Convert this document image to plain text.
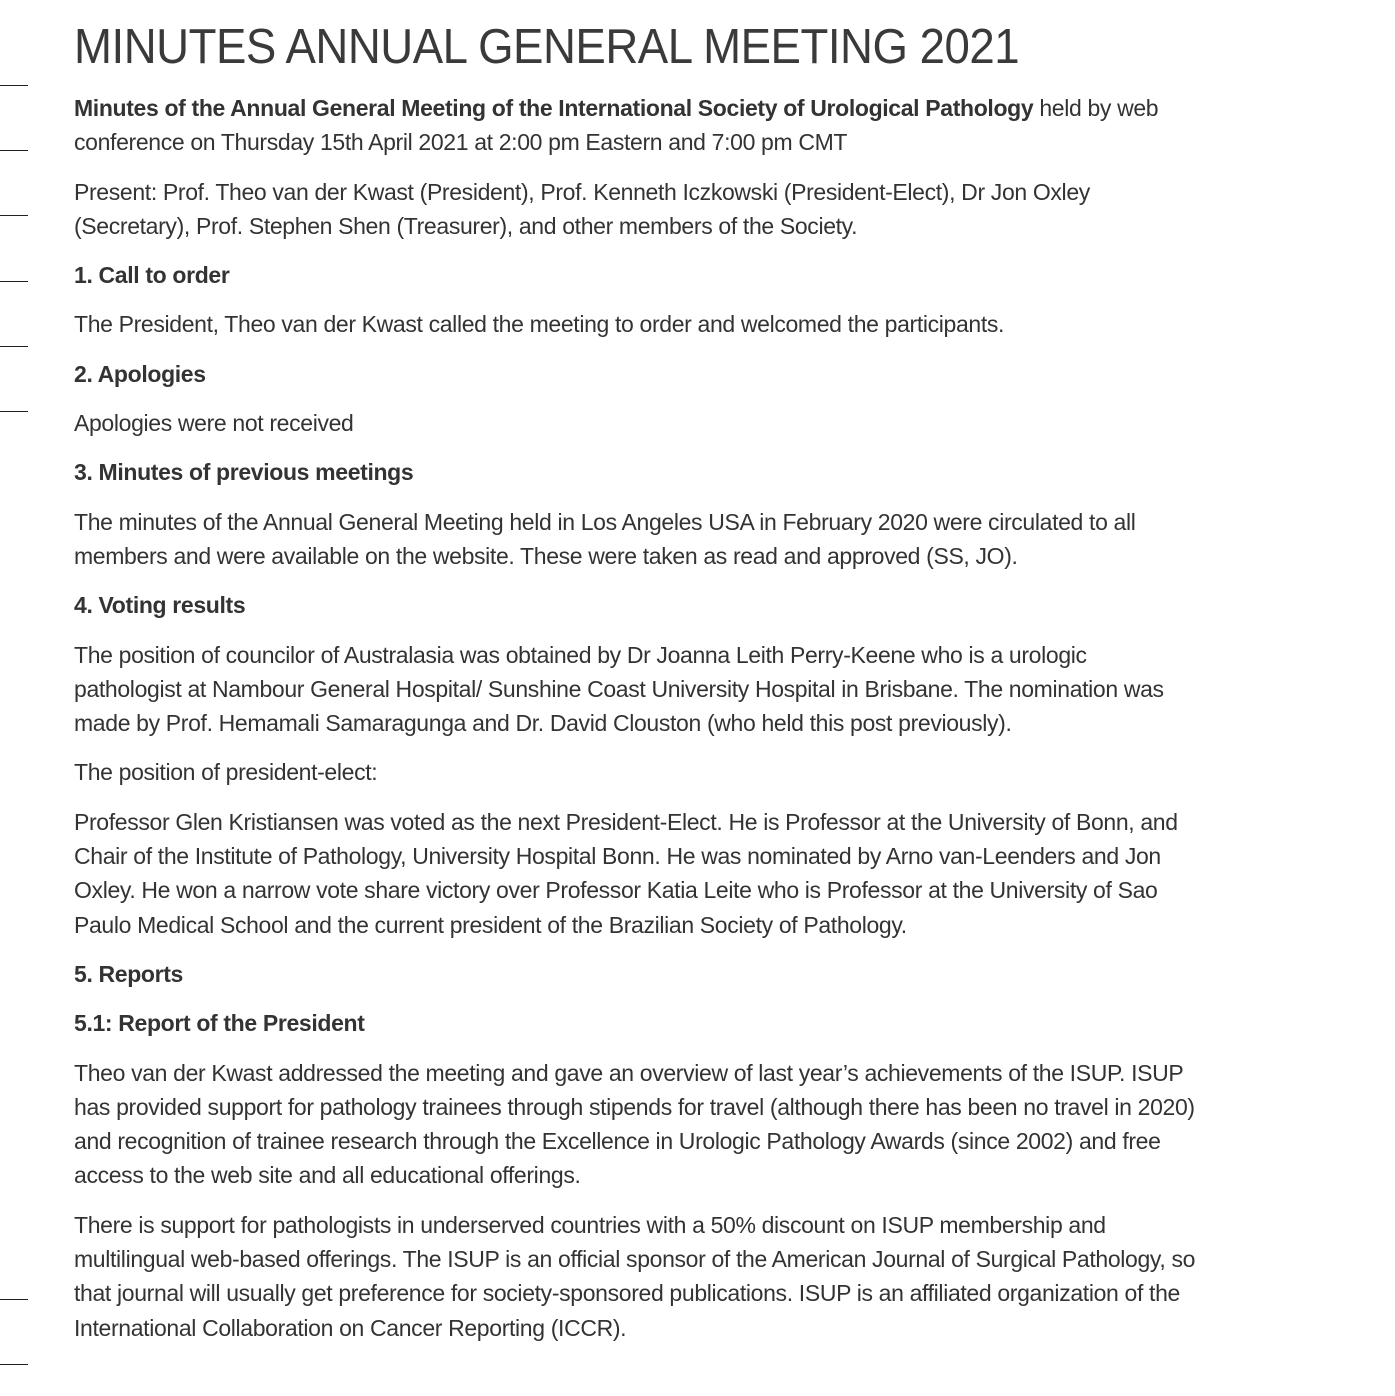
MINUTES ANNUAL GENERAL MEETING 2021

Minutes of the Annual General Meeting of the International Society of Urological Pathology held by web conference on Thursday 15th April 2021 at 2:00 pm Eastern and 7:00 pm CMT

Present: Prof. Theo van der Kwast (President), Prof. Kenneth Iczkowski (President-Elect), Dr Jon Oxley (Secretary), Prof. Stephen Shen (Treasurer), and other members of the Society.

1. Call to order

The President, Theo van der Kwast called the meeting to order and welcomed the participants.

2. Apologies

Apologies were not received

3. Minutes of previous meetings

The minutes of the Annual General Meeting held in Los Angeles USA in February 2020 were circulated to all members and were available on the website. These were taken as read and approved (SS, JO).

4. Voting results

The position of councilor of Australasia was obtained by Dr Joanna Leith Perry-Keene who is a urologic pathologist at Nambour General Hospital/ Sunshine Coast University Hospital in Brisbane. The nomination was made by Prof. Hemamali Samaragunga and Dr. David Clouston (who held this post previously).

The position of president-elect:

Professor Glen Kristiansen was voted as the next President-Elect. He is Professor at the University of Bonn, and Chair of the Institute of Pathology, University Hospital Bonn. He was nominated by Arno van-Leenders and Jon Oxley. He won a narrow vote share victory over Professor Katia Leite who is Professor at the University of Sao Paulo Medical School and the current president of the Brazilian Society of Pathology.

5. Reports

5.1: Report of the President

Theo van der Kwast addressed the meeting and gave an overview of last year’s achievements of the ISUP. ISUP has provided support for pathology trainees through stipends for travel (although there has been no travel in 2020) and recognition of trainee research through the Excellence in Urologic Pathology Awards (since 2002) and free access to the web site and all educational offerings.

There is support for pathologists in underserved countries with a 50% discount on ISUP membership and multilingual web-based offerings. The ISUP is an official sponsor of the American Journal of Surgical Pathology, so that journal will usually get preference for society-sponsored publications. ISUP is an affiliated organization of the International Collaboration on Cancer Reporting (ICCR).
